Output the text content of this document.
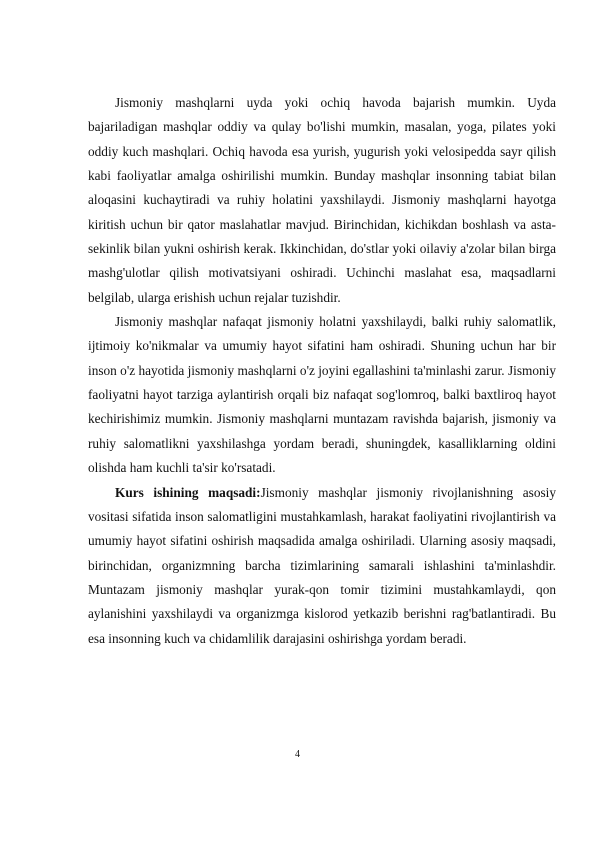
Jismoniy mashqlarni uyda yoki ochiq havoda bajarish mumkin. Uyda bajariladigan mashqlar oddiy va qulay bo'lishi mumkin, masalan, yoga, pilates yoki oddiy kuch mashqlari. Ochiq havoda esa yurish, yugurish yoki velosipedda sayr qilish kabi faoliyatlar amalga oshirilishi mumkin. Bunday mashqlar insonning tabiat bilan aloqasini kuchaytiradi va ruhiy holatini yaxshilaydi. Jismoniy mashqlarni hayotga kiritish uchun bir qator maslahatlar mavjud. Birinchidan, kichikdan boshlash va asta-sekinlik bilan yukni oshirish kerak. Ikkinchidan, do'stlar yoki oilaviy a'zolar bilan birga mashg'ulotlar qilish motivatsiyani oshiradi. Uchinchi maslahat esa, maqsadlarni belgilab, ularga erishish uchun rejalar tuzishdir.

Jismoniy mashqlar nafaqat jismoniy holatni yaxshilaydi, balki ruhiy salomatlik, ijtimoiy ko'nikmalar va umumiy hayot sifatini ham oshiradi. Shuning uchun har bir inson o'z hayotida jismoniy mashqlarni o'z joyini egallashini ta'minlashi zarur. Jismoniy faoliyatni hayot tarziga aylantirish orqali biz nafaqat sog'lomroq, balki baxtliroq hayot kechirishimiz mumkin. Jismoniy mashqlarni muntazam ravishda bajarish, jismoniy va ruhiy salomatlikni yaxshilashga yordam beradi, shuningdek, kasalliklarning oldini olishda ham kuchli ta'sir ko'rsatadi.

Kurs ishining maqsadi:Jismoniy mashqlar jismoniy rivojlanishning asosiy vositasi sifatida inson salomatligini mustahkamlash, harakat faoliyatini rivojlantirish va umumiy hayot sifatini oshirish maqsadida amalga oshiriladi. Ularning asosiy maqsadi, birinchidan, organizmning barcha tizimlarining samarali ishlashini ta'minlashdir. Muntazam jismoniy mashqlar yurak-qon tomir tizimini mustahkamlaydi, qon aylanishini yaxshilaydi va organizmga kislorod yetkazib berishni rag'batlantiradi. Bu esa insonning kuch va chidamlilik darajasini oshirishga yordam beradi.

4
